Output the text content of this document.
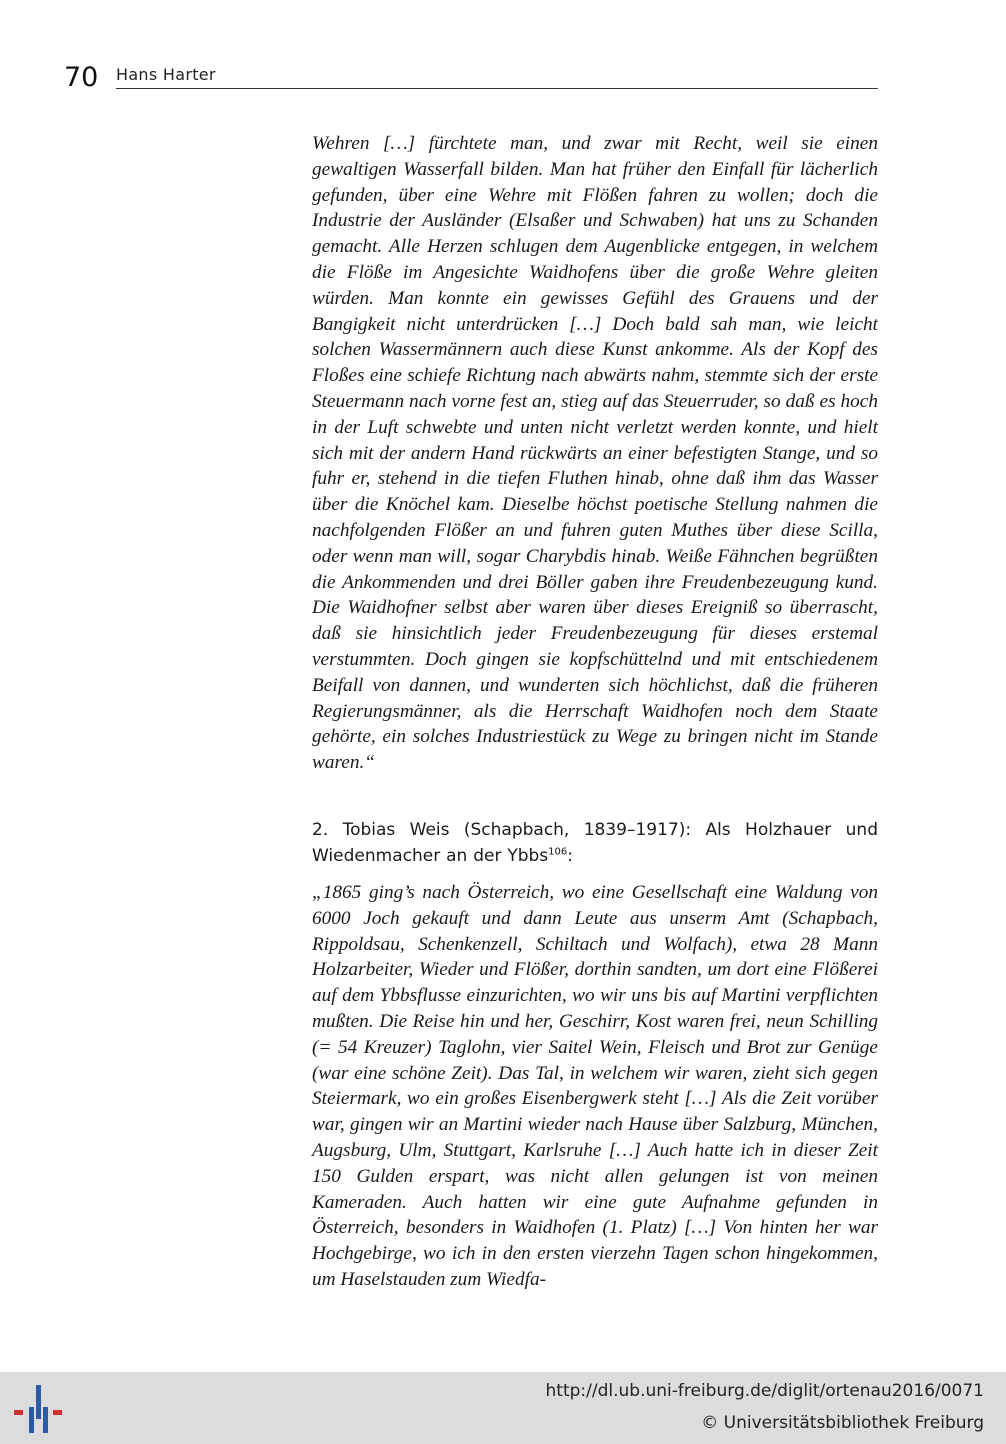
70 Hans Harter

Wehren […] fürchtete man, und zwar mit Recht, weil sie einen gewaltigen Wasserfall bilden. Man hat früher den Einfall für lächerlich gefunden, über eine Wehre mit Flößen fahren zu wollen; doch die Industrie der Ausländer (Elsaßer und Schwaben) hat uns zu Schanden gemacht. Alle Herzen schlugen dem Augenblicke entgegen, in welchem die Flöße im Angesichte Waidhofens über die große Wehre gleiten würden. Man konnte ein gewisses Gefühl des Grauens und der Bangigkeit nicht unterdrücken […] Doch bald sah man, wie leicht solchen Wassermännern auch diese Kunst ankomme. Als der Kopf des Floßes eine schiefe Richtung nach abwärts nahm, stemmte sich der erste Steuermann nach vorne fest an, stieg auf das Steuerruder, so daß es hoch in der Luft schwebte und unten nicht verletzt werden konnte, und hielt sich mit der andern Hand rückwärts an einer befestigten Stange, und so fuhr er, stehend in die tiefen Fluthen hinab, ohne daß ihm das Wasser über die Knöchel kam. Dieselbe höchst poetische Stellung nahmen die nachfolgenden Flößer an und fuhren guten Muthes über diese Scilla, oder wenn man will, sogar Charybdis hinab. Weiße Fähnchen begrüßten die Ankommenden und drei Böller gaben ihre Freudenbezeugung kund. Die Waidhofner selbst aber waren über dieses Ereigniß so überrascht, daß sie hinsichtlich jeder Freudenbezeugung für dieses erstemal verstummten. Doch gingen sie kopfschüttelnd und mit entschiedenem Beifall von dannen, und wunderten sich höchlichst, daß die früheren Regierungsmänner, als die Herrschaft Waidhofen noch dem Staate gehörte, ein solches Industriestück zu Wege zu bringen nicht im Stande waren.“

2. Tobias Weis (Schapbach, 1839–1917): Als Holzhauer und Wiedenmacher an der Ybbs$^{106}$:

„1865 ging’s nach Österreich, wo eine Gesellschaft eine Waldung von 6000 Joch gekauft und dann Leute aus unserm Amt (Schapbach, Rippoldsau, Schenkenzell, Schiltach und Wolfach), etwa 28 Mann Holzarbeiter, Wieder und Flößer, dorthin sandten, um dort eine Flößerei auf dem Ybbsflusse einzurichten, wo wir uns bis auf Martini verpflichten mußten. Die Reise hin und her, Geschirr, Kost waren frei, neun Schilling (= 54 Kreuzer) Taglohn, vier Saitel Wein, Fleisch und Brot zur Genüge (war eine schöne Zeit). Das Tal, in welchem wir waren, zieht sich gegen Steiermark, wo ein großes Eisenbergwerk steht […] Als die Zeit vorüber war, gingen wir an Martini wieder nach Hause über Salzburg, München, Augsburg, Ulm, Stuttgart, Karlsruhe […] Auch hatte ich in dieser Zeit 150 Gulden erspart, was nicht allen gelungen ist von meinen Kameraden. Auch hatten wir eine gute Aufnahme gefunden in Österreich, besonders in Waidhofen (1. Platz) […] Von hinten her war Hochgebirge, wo ich in den ersten vierzehn Tagen schon hingekommen, um Haselstauden zum Wiedfa-

http://dl.ub.uni-freiburg.de/diglit/ortenau2016/0071
© Universitätsbibliothek Freiburg
